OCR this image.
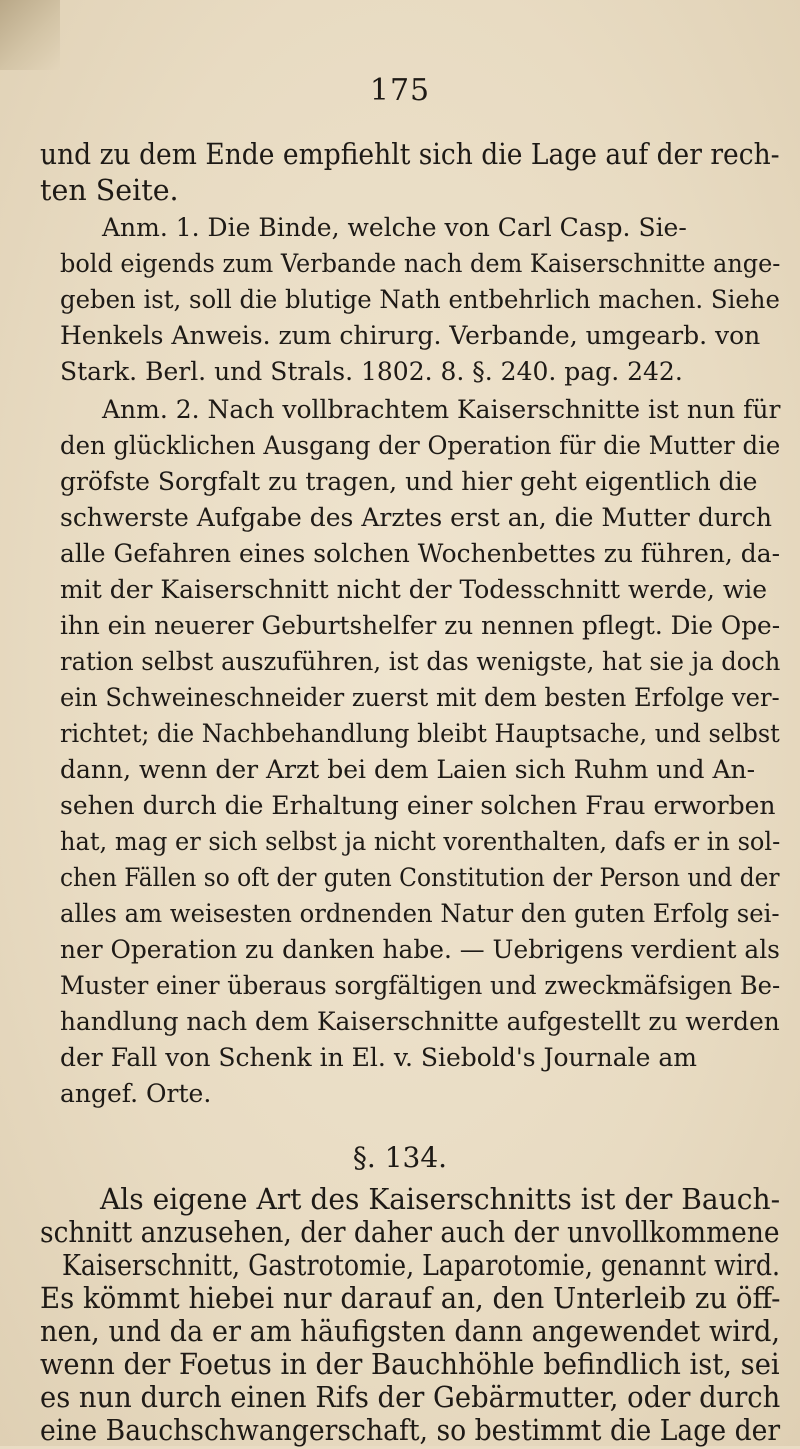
175
und zu dem Ende empfiehlt sich die Lage auf der rech-
ten Seite.
Anm. 1. Die Binde, welche von Carl Casp. Sie-
bold eigends zum Verbande nach dem Kaiserschnitte ange-
geben ist, soll die blutige Nath entbehrlich machen. Siehe
Henkels Anweis. zum chirurg. Verbande, umgearb. von
Stark. Berl. und Strals. 1802. 8. §. 240. pag. 242.
Anm. 2. Nach vollbrachtem Kaiserschnitte ist nun für
den glücklichen Ausgang der Operation für die Mutter die
gröfste Sorgfalt zu tragen, und hier geht eigentlich die
schwerste Aufgabe des Arztes erst an, die Mutter durch
alle Gefahren eines solchen Wochenbettes zu führen, da-
mit der Kaiserschnitt nicht der Todesschnitt werde, wie
ihn ein neuerer Geburtshelfer zu nennen pflegt. Die Ope-
ration selbst auszuführen, ist das wenigste, hat sie ja doch
ein Schweineschneider zuerst mit dem besten Erfolge ver-
richtet; die Nachbehandlung bleibt Hauptsache, und selbst
dann, wenn der Arzt bei dem Laien sich Ruhm und An-
sehen durch die Erhaltung einer solchen Frau erworben
hat, mag er sich selbst ja nicht vorenthalten, dafs er in sol-
chen Fällen so oft der guten Constitution der Person und der
alles am weisesten ordnenden Natur den guten Erfolg sei-
ner Operation zu danken habe. — Uebrigens verdient als
Muster einer überaus sorgfältigen und zweckmäfsigen Be-
handlung nach dem Kaiserschnitte aufgestellt zu werden
der Fall von Schenk in El. v. Siebold's Journale am
angef. Orte.
§. 134.
Als eigene Art des Kaiserschnitts ist der Bauch-
schnitt anzusehen, der daher auch der unvollkommene
Kaiserschnitt, Gastrotomie, Laparotomie, genannt wird.
Es kömmt hiebei nur darauf an, den Unterleib zu öff-
nen, und da er am häufigsten dann angewendet wird,
wenn der Foetus in der Bauchhöhle befindlich ist, sei
es nun durch einen Rifs der Gebärmutter, oder durch
eine Bauchschwangerschaft, so bestimmt die Lage der
